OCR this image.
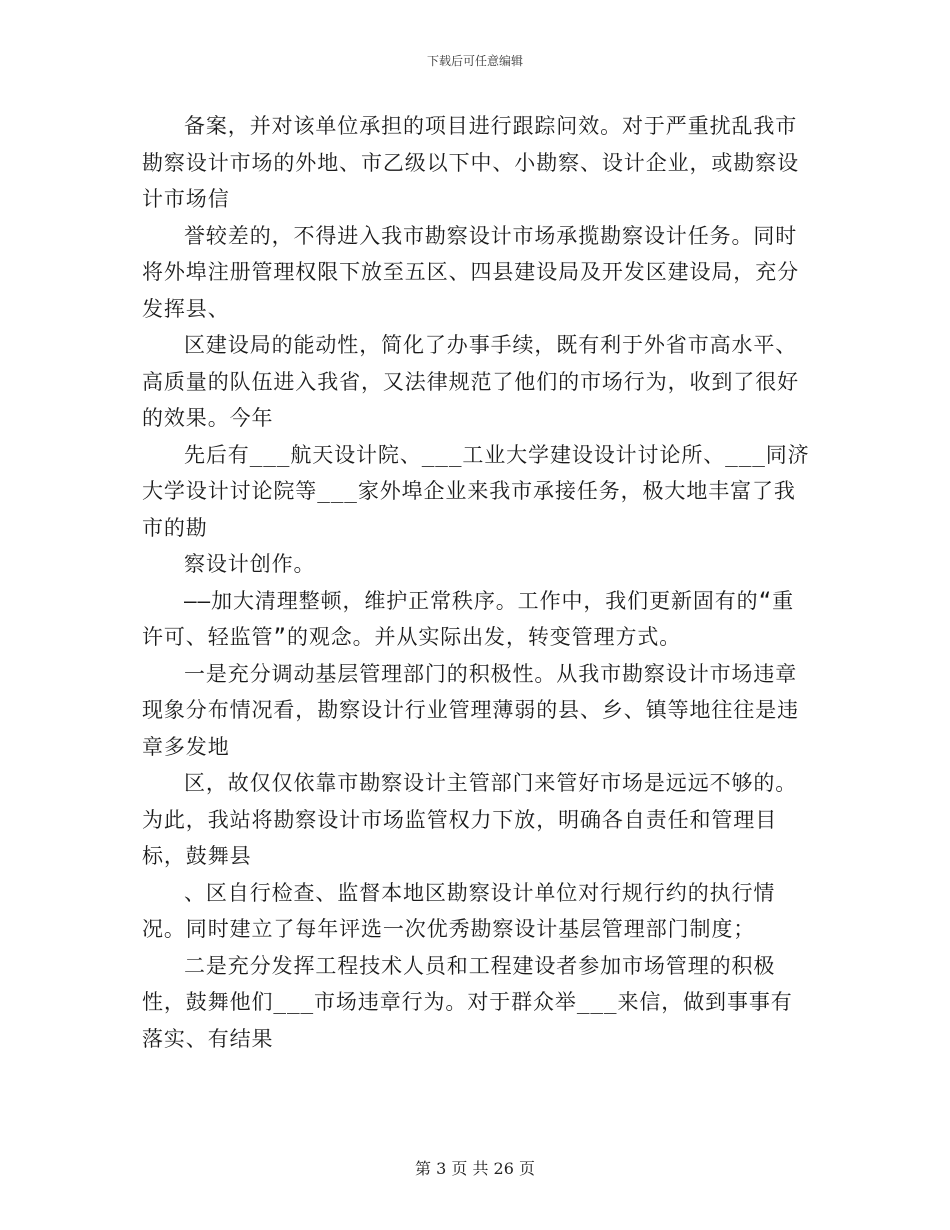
下载后可任意编辑

备案，并对该单位承担的项目进行跟踪问效。对于严重扰乱我市勘察设计市场的外地、市乙级以下中、小勘察、设计企业，或勘察设计市场信

誉较差的，不得进入我市勘察设计市场承揽勘察设计任务。同时将外埠注册管理权限下放至五区、四县建设局及开发区建设局，充分发挥县、

区建设局的能动性，简化了办事手续，既有利于外省市高水平、高质量的队伍进入我省，又法律规范了他们的市场行为，收到了很好的效果。今年

先后有___航天设计院、___工业大学建设设计讨论所、___同济大学设计讨论院等___家外埠企业来我市承接任务，极大地丰富了我市的勘

察设计创作。

——加大清理整顿，维护正常秩序。工作中，我们更新固有的“重许可、轻监管”的观念。并从实际出发，转变管理方式。

一是充分调动基层管理部门的积极性。从我市勘察设计市场违章现象分布情况看，勘察设计行业管理薄弱的县、乡、镇等地往往是违章多发地

区，故仅仅依靠市勘察设计主管部门来管好市场是远远不够的。为此，我站将勘察设计市场监管权力下放，明确各自责任和管理目标，鼓舞县

、区自行检查、监督本地区勘察设计单位对行规行约的执行情况。同时建立了每年评选一次优秀勘察设计基层管理部门制度；

二是充分发挥工程技术人员和工程建设者参加市场管理的积极性，鼓舞他们___市场违章行为。对于群众举___来信，做到事事有落实、有结果

第 3 页 共 26 页
